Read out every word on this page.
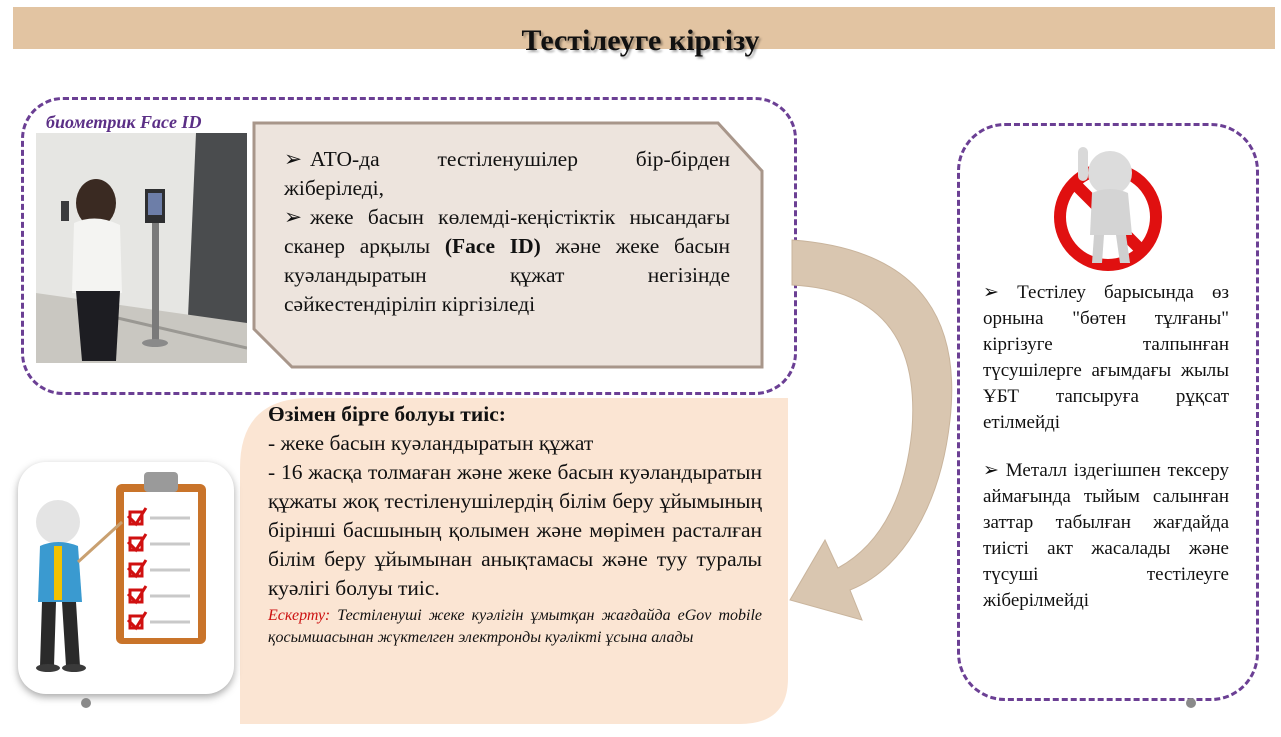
Тестілеуге кіргізу
биометрик Face ID
➢ АТО-да тестіленушілер бір-бірден жіберіледі,
➢ жеке басын көлемді-кеңістіктік нысандағы сканер арқылы (Face ID) және жеке басын куәландыратын құжат негізінде сәйкестендіріліп кіргізіледі	➢ Тестілеу барысында өз орнына "бөтен тұлғаны" кіргізуге талпынған түсушілерге ағымдағы жылы ҰБТ тапсыруға рұқсат етілмейді

➢ Металл іздегішпен тексеру аймағында тыйым салынған заттар табылған жағдайда тиісті акт жасалады және түсуші тестілеуге жіберілмейді

Өзімен бірге болуы тиіс:
- жеке басын куәландыратын құжат
- 16 жасқа толмаған және жеке басын куәландыратын құжаты жоқ тестіленушілердің білім беру ұйымының бірінші басшының қолымен және мөрімен расталған білім беру ұйымынан анықтамасы және туу туралы куәлігі болуы тиіс.
Ескерту: Тестіленуші жеке куәлігін ұмытқан жағдайда eGov mobile қосымшасынан жүктелген электронды куәлікті ұсына алады
